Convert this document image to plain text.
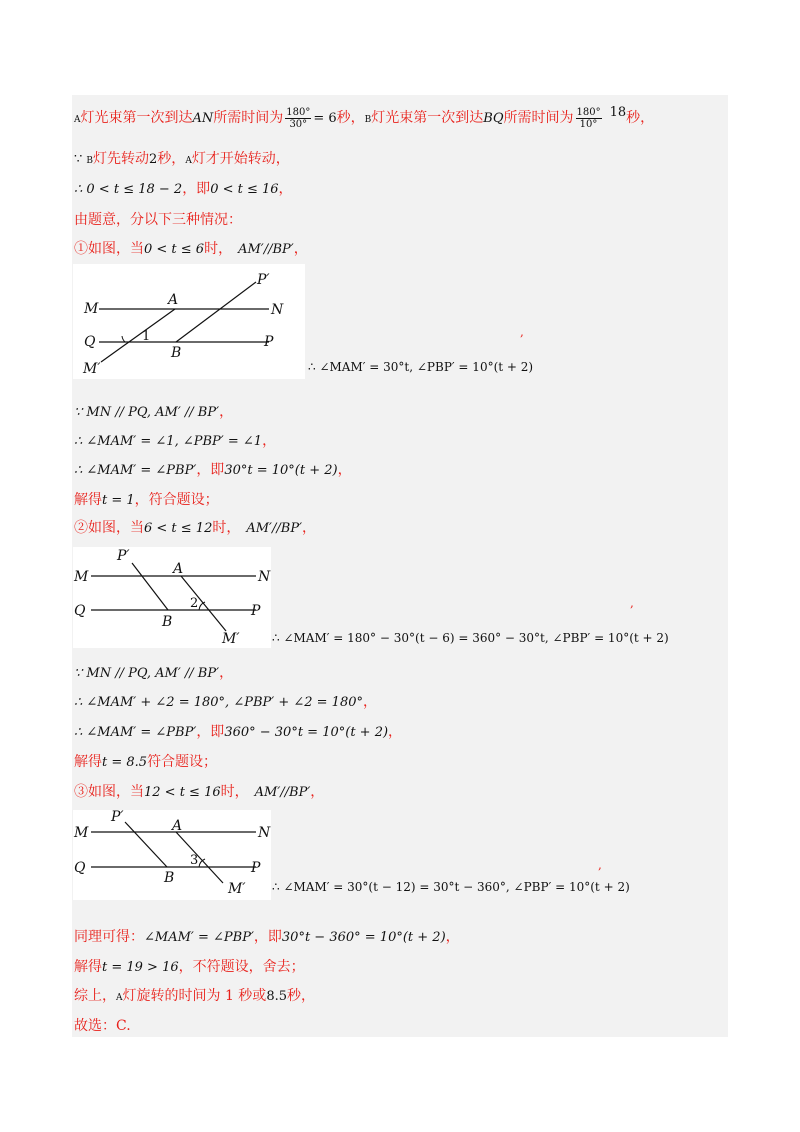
A灯光束第一次到达AN所需时间为 $\frac{180^\circ}{30^\circ} = 6$秒，B灯光束第一次到达BQ所需时间为 $\frac{180^\circ}{10^\circ} 18$秒，
∵ B灯先转动2秒，A灯才开始转动，
∴ 0 < t ≤ 18 − 2，即0 < t ≤ 16，
由题意，分以下三种情况：
①如图，当0 < t ≤ 6时， AM′//BP′，
M
A
N
P′
Q	1
B
P
M′
,
∴ ∠MAM′ = 30°t, ∠PBP′ = 10°(t + 2)
∵ MN // PQ, AM′ // BP′，
∴ ∠MAM′ = ∠1, ∠PBP′ = ∠1，
∴ ∠MAM′ = ∠PBP′，即30°t = 10°(t + 2)，
解得t = 1，符合题设；
②如图，当6 < t ≤ 12时， AM′//BP′，
P′
A
M	N
2
Q	P
B
M′
,
∴ ∠MAM′ = 180° − 30°(t − 6) = 360° − 30°t, ∠PBP′ = 10°(t + 2)
∵ MN // PQ, AM′ // BP′，
∴ ∠MAM′ + ∠2 = 180°, ∠PBP′ + ∠2 = 180°，
∴ ∠MAM′ = ∠PBP′，即360° − 30°t = 10°(t + 2)，
解得t = 8.5符合题设；
③如图，当12 < t ≤ 16时， AM′//BP′，
P′
A
M	N
3
Q	P
B
M′
,
∴ ∠MAM′ = 30°(t − 12) = 30°t − 360°, ∠PBP′ = 10°(t + 2)
同理可得：∠MAM′ = ∠PBP′，即30°t − 360° = 10°(t + 2)，
解得t = 19 > 16，不符题设，舍去；
综上，A灯旋转的时间为 1 秒或8.5秒，
故选：C.
